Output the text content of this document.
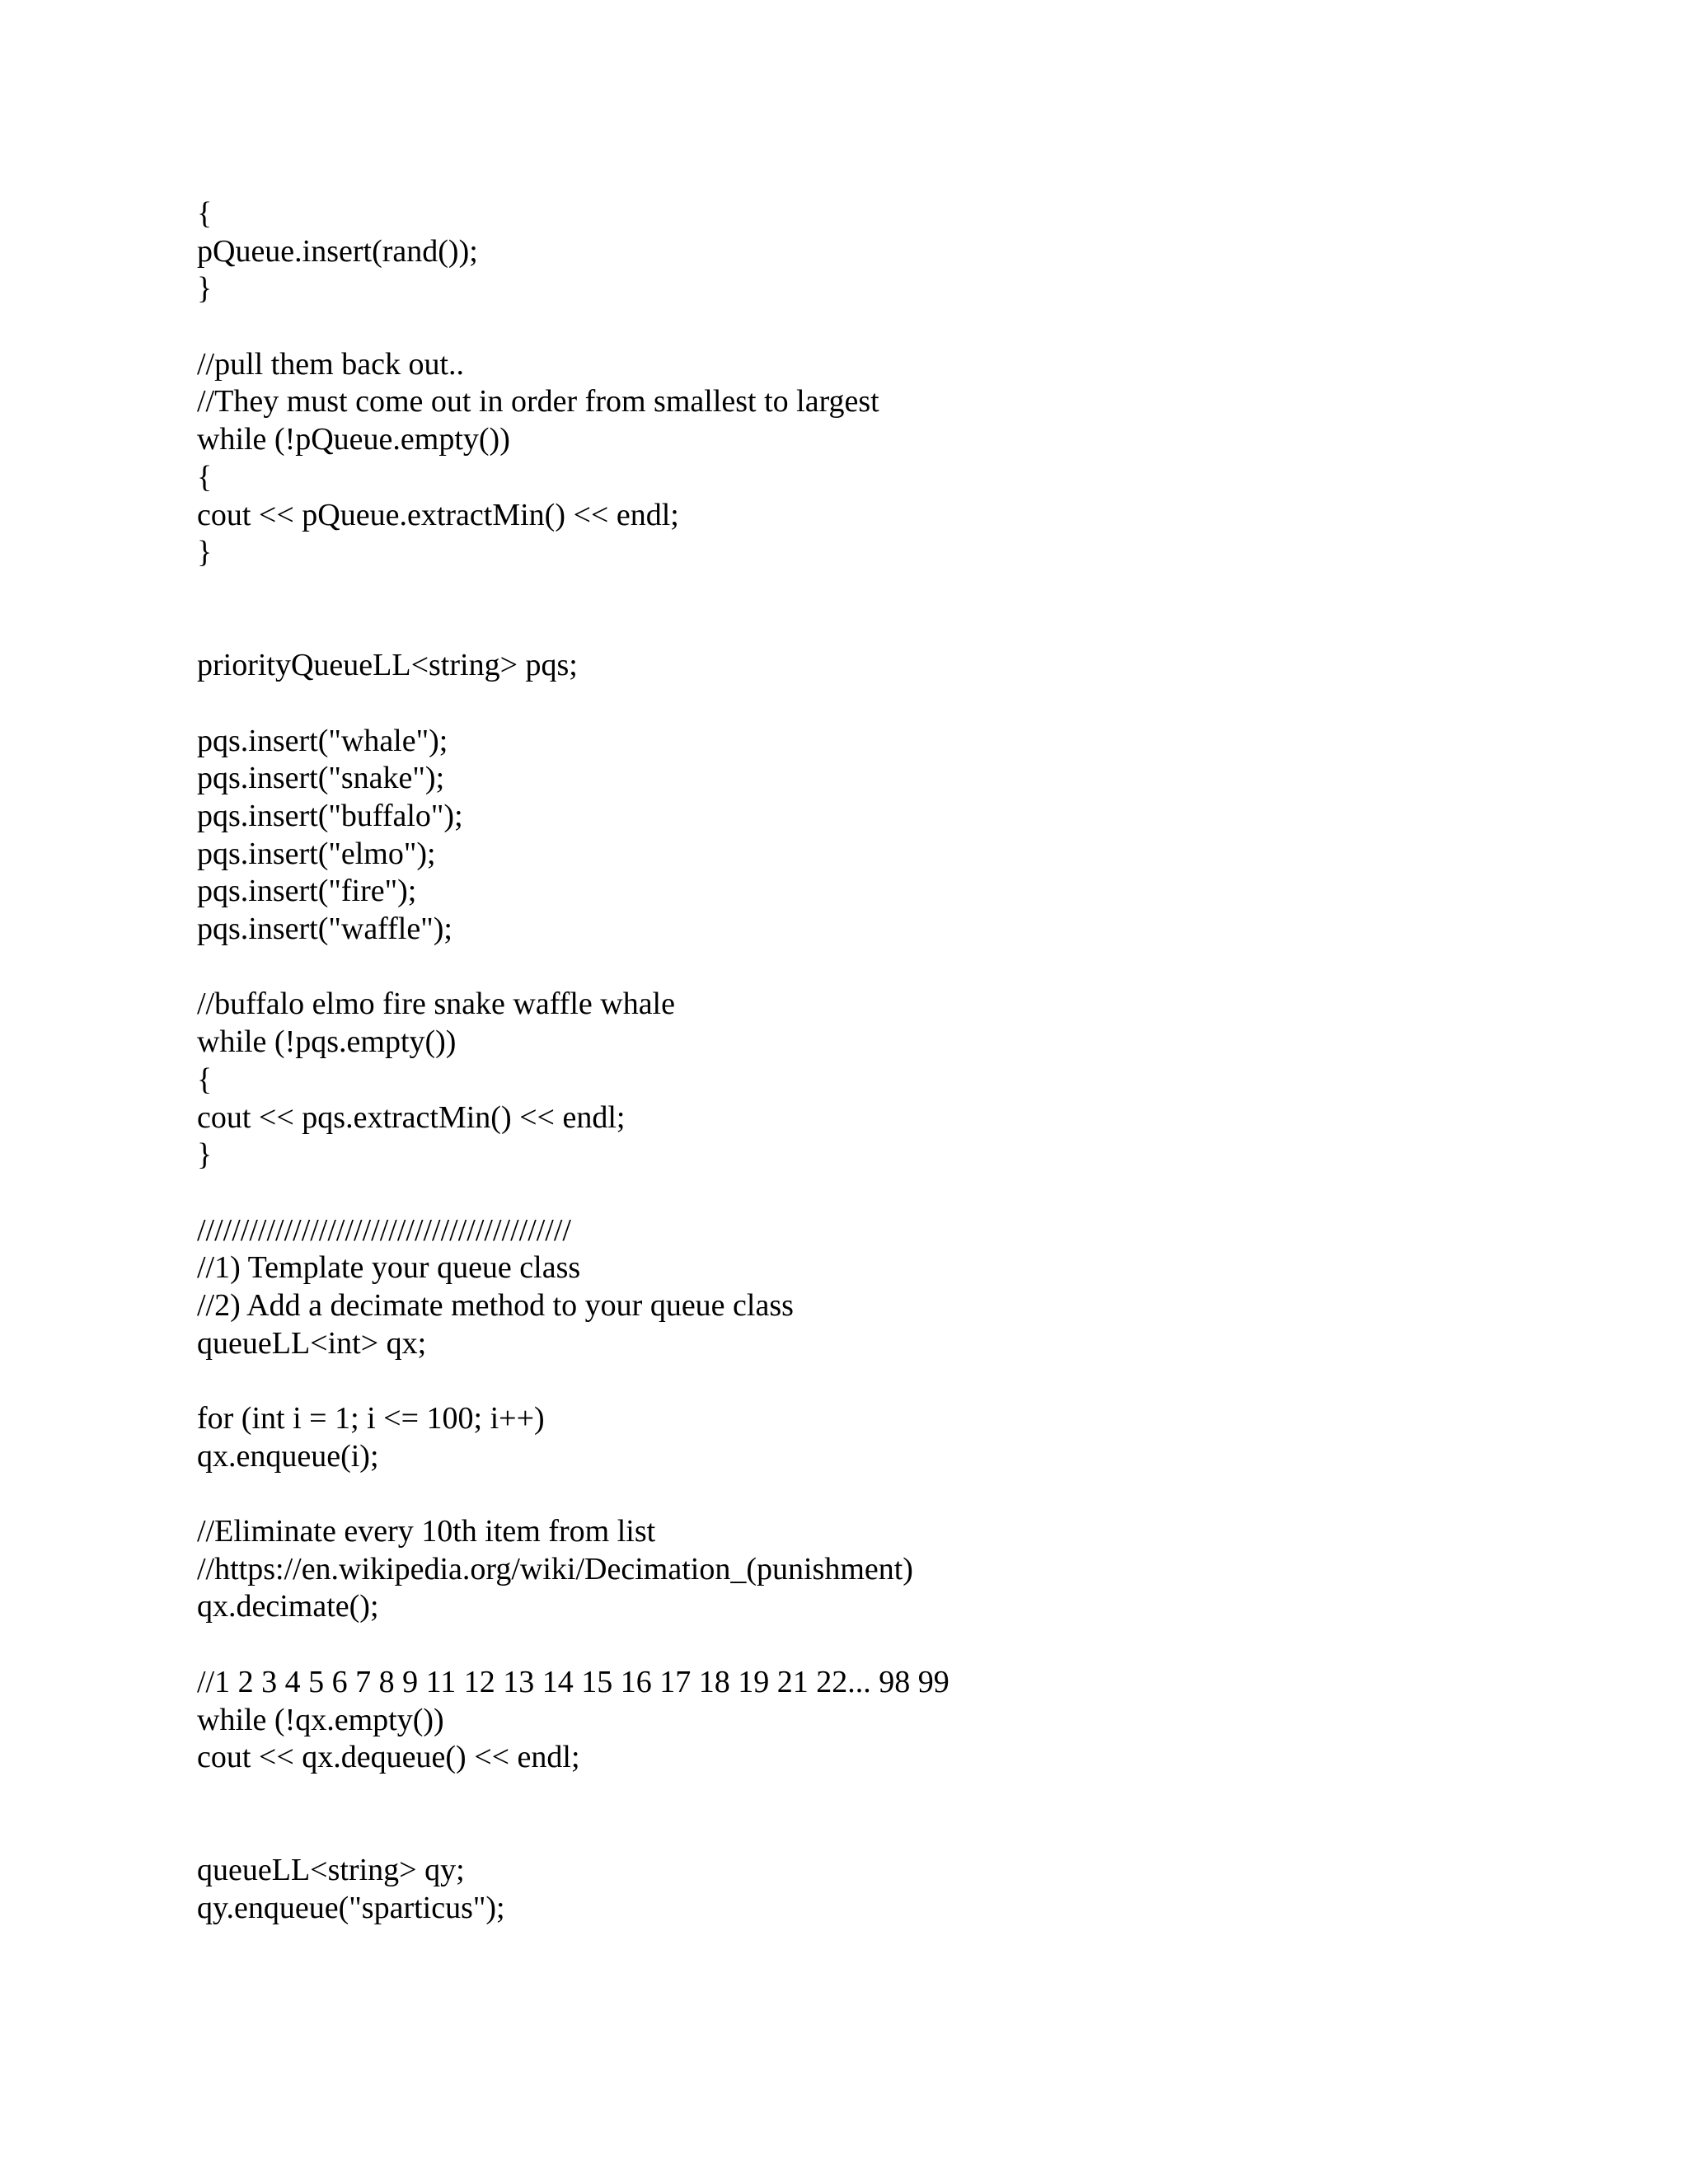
{
pQueue.insert(rand());
}
//pull them back out..
//They must come out in order from smallest to largest
while (!pQueue.empty())
{
cout << pQueue.extractMin() << endl;
}
priorityQueueLL<string> pqs;
pqs.insert("whale");
pqs.insert("snake");
pqs.insert("buffalo");
pqs.insert("elmo");
pqs.insert("fire");
pqs.insert("waffle");
//buffalo elmo fire snake waffle whale
while (!pqs.empty())
{
cout << pqs.extractMin() << endl;
}
///////////////////////////////////////////
//1) Template your queue class
//2) Add a decimate method to your queue class
queueLL<int> qx;
for (int i = 1; i <= 100; i++)
qx.enqueue(i);
//Eliminate every 10th item from list
//https://en.wikipedia.org/wiki/Decimation_(punishment)
qx.decimate();
//1 2 3 4 5 6 7 8 9 11 12 13 14 15 16 17 18 19 21 22... 98 99
while (!qx.empty())
cout << qx.dequeue() << endl;
queueLL<string> qy;
qy.enqueue("sparticus");
